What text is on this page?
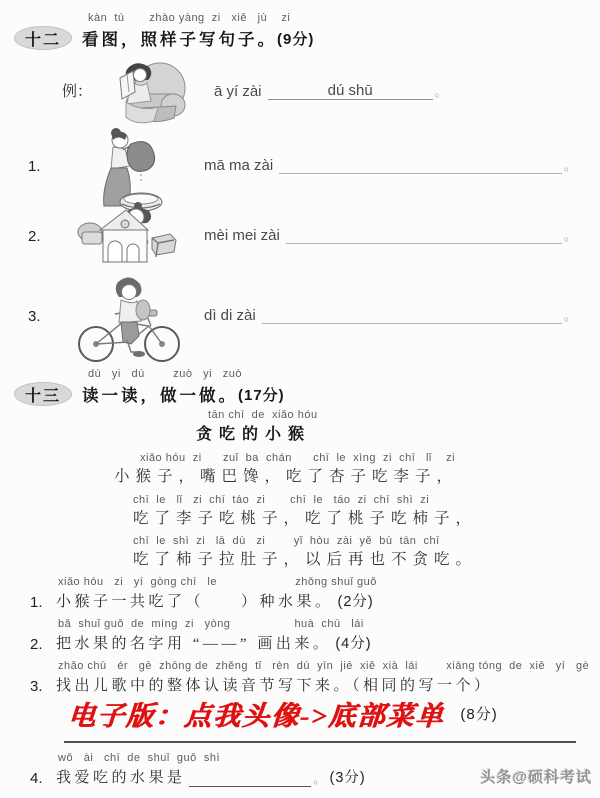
kàn  tú       zhào yàng  zi   xiě   jù    zi
十二	看图，照样子写句子。 (9分)
例：	ā yí zài	dú shū	。
1.	mā ma zài	。
2.	mèi mei zài	。
3.	dì di zài	。
dú   yi   dú        zuò   yi   zuò
十三	读一读，做一做。 (17分)
tān chī  de  xiǎo hóu
贪吃的小猴
xiǎo hóu  zi      zuǐ  ba  chán      chī  le  xìng  zi  chī   lǐ    zi
小猴子，嘴巴馋，吃了杏子吃李子，
chī  le   lǐ   zi  chī  táo  zi       chī  le   táo  zi  chī  shì  zi
吃了李子吃桃子，吃了桃子吃柿子，
chī  le  shì  zi   lā  dù   zi        yǐ  hòu  zài  yě  bù  tān  chī
吃了柿子拉肚子，以后再也不贪吃。
xiǎo hóu   zi   yí  gòng chī   le                      zhǒng shuǐ guǒ
1. 小猴子一共吃了（　　）种水果。 (2分)
bǎ  shuǐ guǒ  de  míng  zi   yòng                  huà  chū   lái
2. 把水果的名字用 “——” 画出来。 (4分)
zhǎo chū   ér   gē  zhōng de  zhěng  tǐ   rèn  dú  yīn  jié  xiě  xià  lái        xiāng tóng  de  xiě   yí   gè
3. 找出儿歌中的整体认读音节写下来。（相同的写一个）
电子版：点我头像->底部菜单 (8分)
wǒ   ài   chī  de  shuǐ  guǒ  shì
4. 我爱吃的水果是	。 (3分)	头条@硕科考试
